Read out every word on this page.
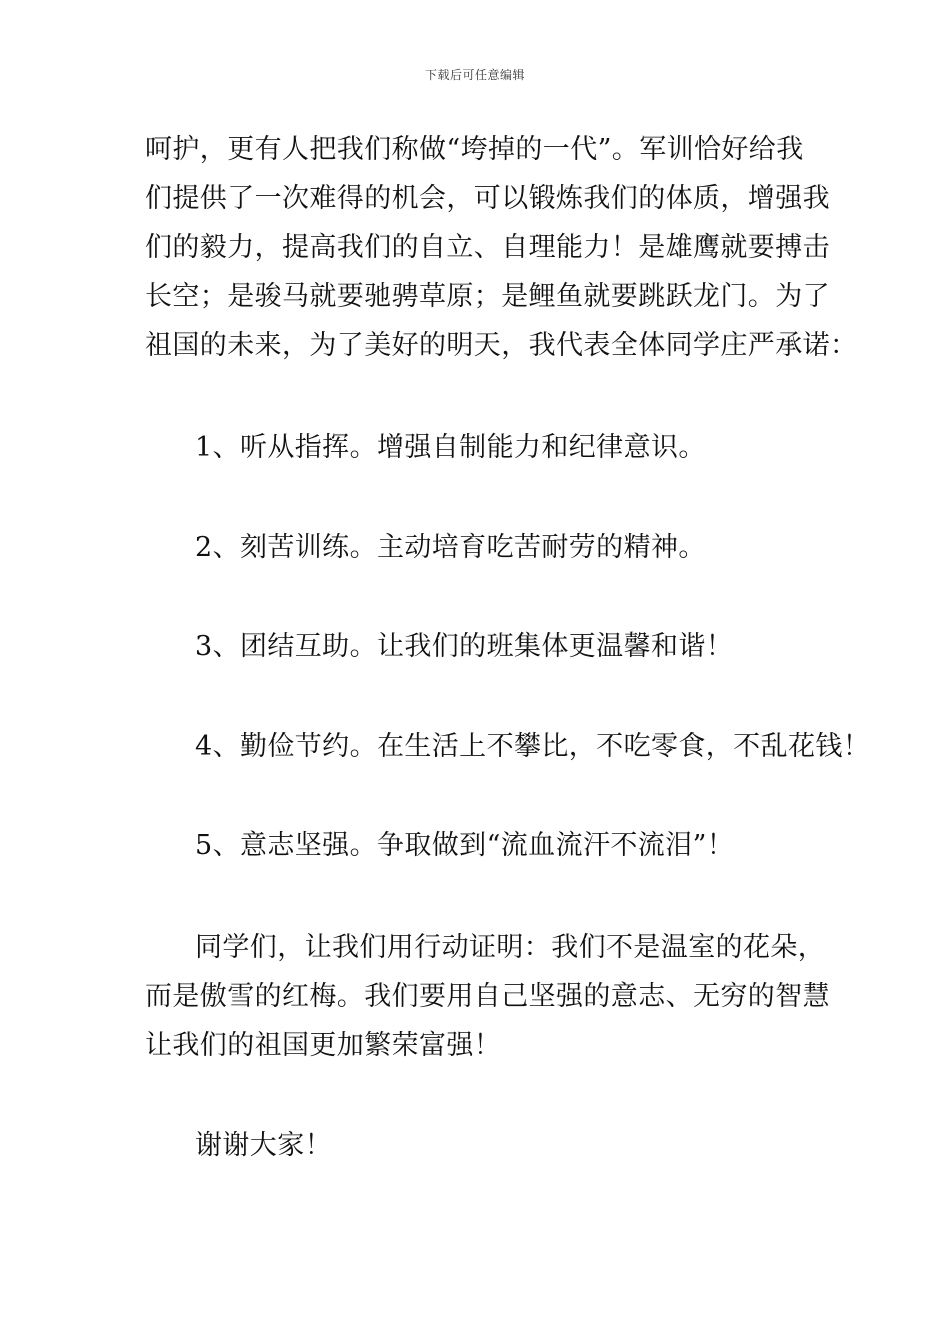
下载后可任意编辑
呵护，更有人把我们称做“垮掉的一代”。军训恰好给我
们提供了一次难得的机会，可以锻炼我们的体质，增强我
们的毅力，提高我们的自立、自理能力！是雄鹰就要搏击
长空；是骏马就要驰骋草原；是鲤鱼就要跳跃龙门。为了
祖国的未来，为了美好的明天，我代表全体同学庄严承诺：
1、听从指挥。增强自制能力和纪律意识。
2、刻苦训练。主动培育吃苦耐劳的精神。
3、团结互助。让我们的班集体更温馨和谐！
4、勤俭节约。在生活上不攀比，不吃零食，不乱花钱！
5、意志坚强。争取做到“流血流汗不流泪”！
同学们，让我们用行动证明：我们不是温室的花朵，
而是傲雪的红梅。我们要用自己坚强的意志、无穷的智慧
让我们的祖国更加繁荣富强！
谢谢大家！
